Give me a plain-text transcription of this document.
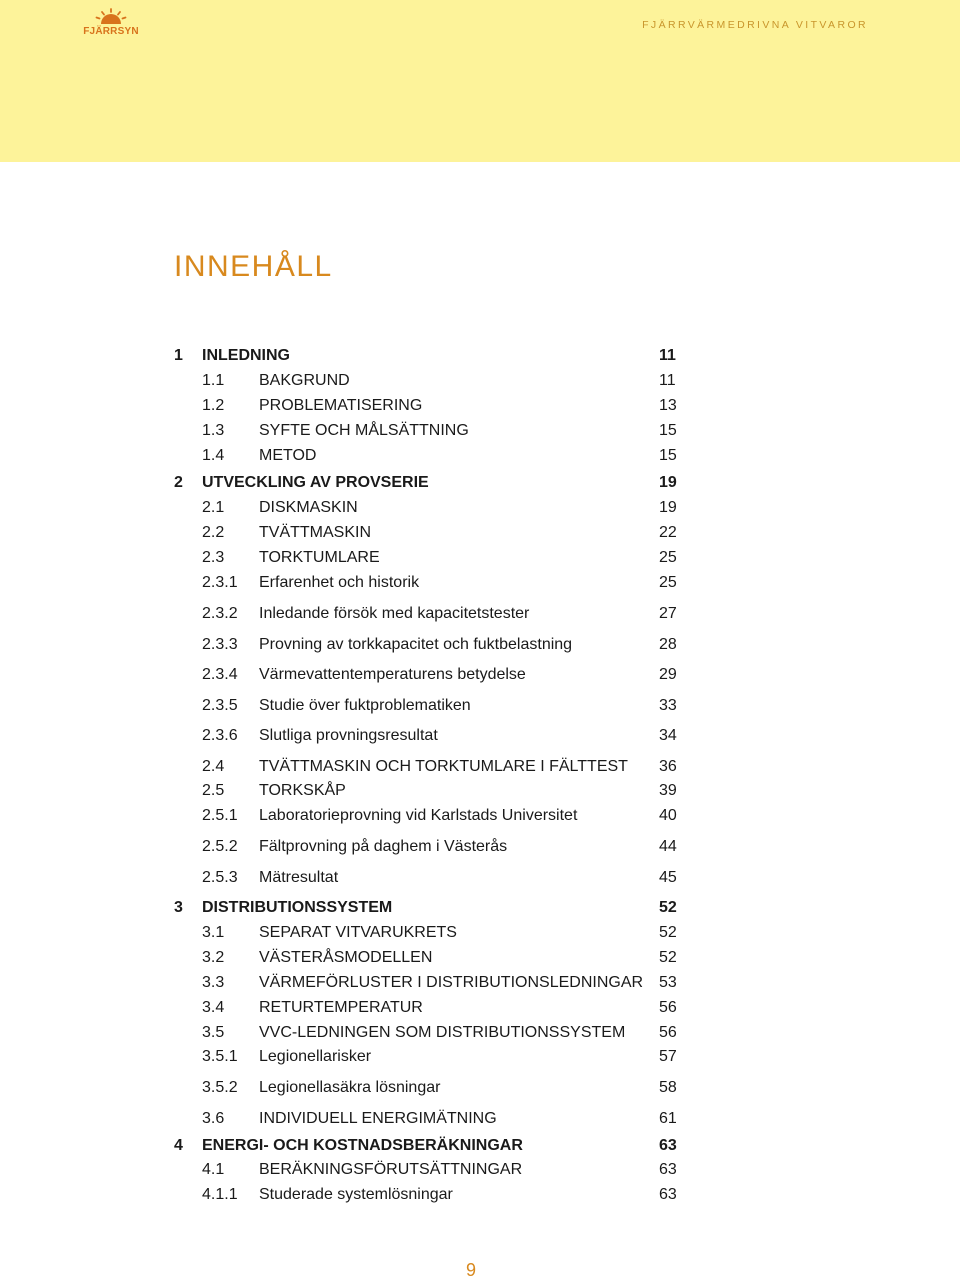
FJÄRRSYN
FJÄRRVÄRMEDRIVNA VITVAROR
INNEHÅLL
1 INLEDNING	11
1.1 BAKGRUND	11
1.2 PROBLEMATISERING	13
1.3 SYFTE OCH MÅLSÄTTNING	15
1.4 METOD	15
2 UTVECKLING AV PROVSERIE	19
2.1 DISKMASKIN	19
2.2 TVÄTTMASKIN	22
2.3 TORKTUMLARE	25
2.3.1 Erfarenhet och historik	25
2.3.2 Inledande försök med kapacitetstester	27
2.3.3 Provning av torkkapacitet och fuktbelastning	28
2.3.4 Värmevattentemperaturens betydelse	29
2.3.5 Studie över fuktproblematiken	33
2.3.6 Slutliga provningsresultat	34
2.4 TVÄTTMASKIN OCH TORKTUMLARE I FÄLTTEST 36
2.5 TORKSKÅP	39
2.5.1 Laboratorieprovning vid Karlstads Universitet	40
2.5.2 Fältprovning på daghem i Västerås	44
2.5.3 Mätresultat	45
3 DISTRIBUTIONSSYSTEM	52
3.1 SEPARAT VITVARUKRETS	52
3.2 VÄSTERÅSMODELLEN	52
3.3 VÄRMEFÖRLUSTER I DISTRIBUTIONSLEDNINGAR 53
3.4 RETURTEMPERATUR	56
3.5 VVC-LEDNINGEN SOM DISTRIBUTIONSSYSTEM 56
3.5.1 Legionellarisker	57
3.5.2 Legionellasäkra lösningar	58
3.6 INDIVIDUELL ENERGIMÄTNING	61
4 ENERGI- OCH KOSTNADSBERÄKNINGAR	63
4.1 BERÄKNINGSFÖRUTSÄTTNINGAR	63
4.1.1 Studerade systemlösningar	63
9
